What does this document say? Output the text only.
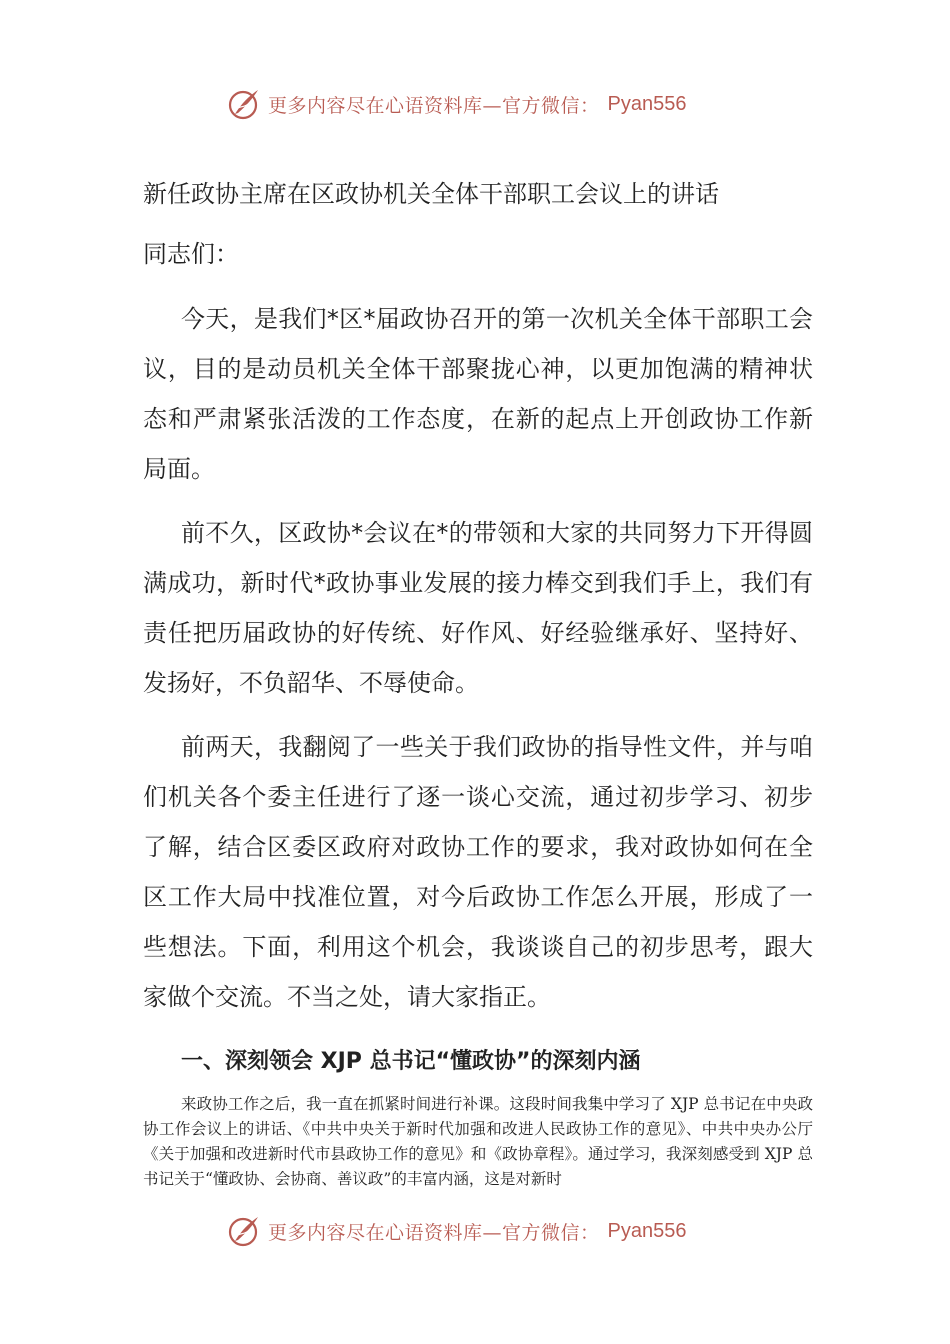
更多内容尽在心语资料库—官方微信： Pyan556
新任政协主席在区政协机关全体干部职工会议上的讲话

同志们：

今天，是我们*区*届政协召开的第一次机关全体干部职工会议，目的是动员机关全体干部聚拢心神，以更加饱满的精神状态和严肃紧张活泼的工作态度，在新的起点上开创政协工作新局面。

前不久，区政协*会议在*的带领和大家的共同努力下开得圆满成功，新时代*政协事业发展的接力棒交到我们手上，我们有责任把历届政协的好传统、好作风、好经验继承好、坚持好、发扬好，不负韶华、不辱使命。

前两天，我翻阅了一些关于我们政协的指导性文件，并与咱们机关各个委主任进行了逐一谈心交流，通过初步学习、初步了解，结合区委区政府对政协工作的要求，我对政协如何在全区工作大局中找准位置，对今后政协工作怎么开展，形成了一些想法。下面，利用这个机会，我谈谈自己的初步思考，跟大家做个交流。不当之处，请大家指正。

一、深刻领会 XJP 总书记“懂政协”的深刻内涵

来政协工作之后，我一直在抓紧时间进行补课。这段时间我集中学习了 XJP 总书记在中央政协工作会议上的讲话、《中共中央关于新时代加强和改进人民政协工作的意见》、中共中央办公厅《关于加强和改进新时代市县政协工作的意见》和《政协章程》。通过学习，我深刻感受到 XJP 总书记关于“懂政协、会协商、善议政”的丰富内涵，这是对新时

更多内容尽在心语资料库—官方微信： Pyan556
